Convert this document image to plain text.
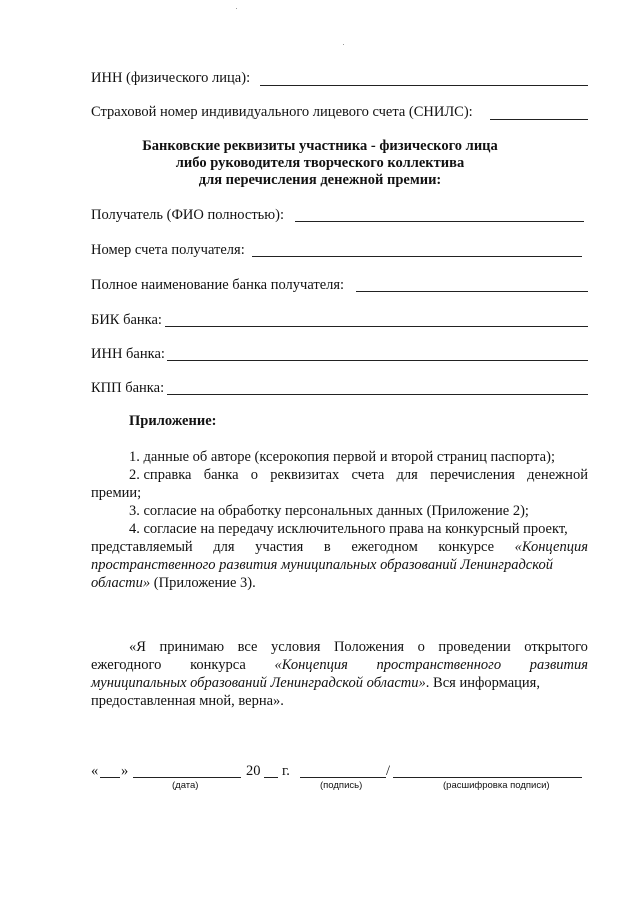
ИНН (физического лица):
Страховой номер индивидуального лицевого счета (СНИЛС):
Банковские реквизиты участника - физического лица
либо руководителя творческого коллектива
для перечисления денежной премии:
Получатель (ФИО полностью):
Номер счета получателя:
Полное наименование банка получателя:
БИК банка:
ИНН банка:
КПП банка:
Приложение:
1. данные об авторе (ксерокопия первой и второй страниц паспорта);
2. справка банка о реквизитах счета для перечисления денежной
премии;
3. согласие на обработку персональных данных (Приложение 2);
4. согласие на передачу исключительного права на конкурсный проект,
представляемый для участия в ежегодном конкурсе «Концепция
пространственного развития муниципальных образований Ленинградской
области» (Приложение 3).
«Я принимаю все условия Положения о проведении открытого
ежегодного конкурса «Концепция пространственного развития
муниципальных образований Ленинградской области». Вся информация,
предоставленная мной, верна».
« »	20 г.	/
(дата)	(подпись)	(расшифровка подписи)
